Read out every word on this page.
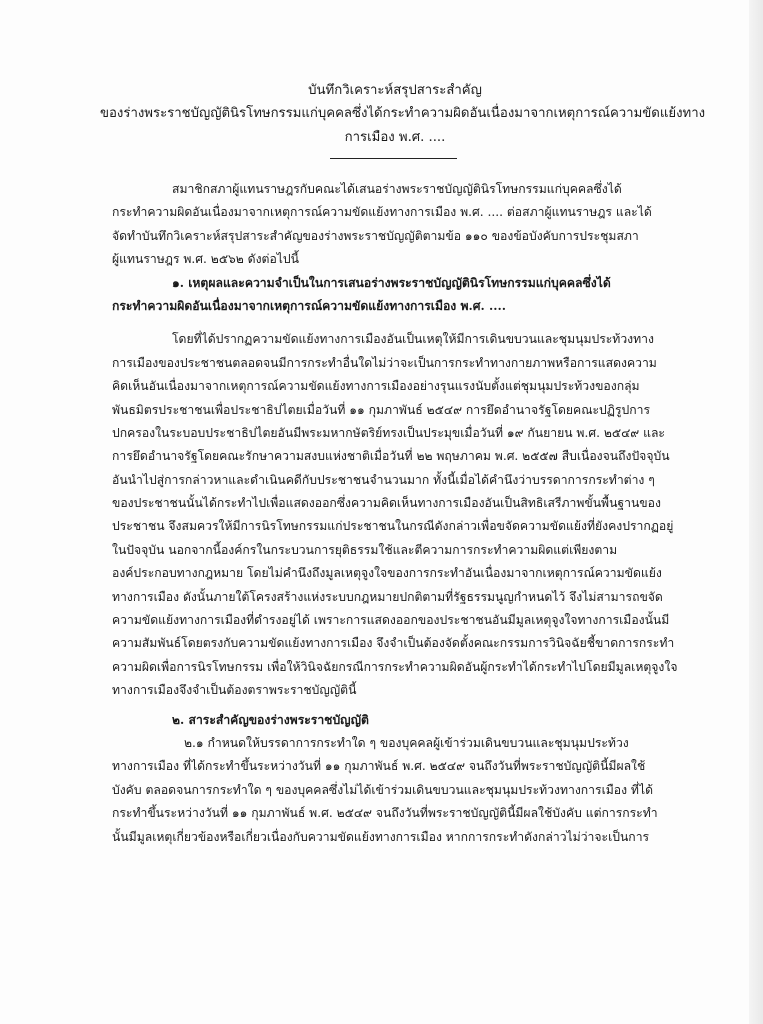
บันทึกวิเคราะห์สรุปสาระสำคัญ
ของร่างพระราชบัญญัตินิรโทษกรรมแก่บุคคลซึ่งได้กระทำความผิดอันเนื่องมาจากเหตุการณ์ความขัดแย้งทาง
การเมือง พ.ศ. ....
สมาชิกสภาผู้แทนราษฎรกับคณะได้เสนอร่างพระราชบัญญัตินิรโทษกรรมแก่บุคคลซึ่งได้
กระทำความผิดอันเนื่องมาจากเหตุการณ์ความขัดแย้งทางการเมือง พ.ศ. .... ต่อสภาผู้แทนราษฎร และได้
จัดทำบันทึกวิเคราะห์สรุปสาระสำคัญของร่างพระราชบัญญัติตามข้อ ๑๑๐ ของข้อบังคับการประชุมสภา
ผู้แทนราษฎร พ.ศ. ๒๕๖๒ ดังต่อไปนี้
๑. เหตุผลและความจำเป็นในการเสนอร่างพระราชบัญญัตินิรโทษกรรมแก่บุคคลซึ่งได้
กระทำความผิดอันเนื่องมาจากเหตุการณ์ความขัดแย้งทางการเมือง พ.ศ. ....
โดยที่ได้ปรากฏความขัดแย้งทางการเมืองอันเป็นเหตุให้มีการเดินขบวนและชุมนุมประท้วงทาง
การเมืองของประชาชนตลอดจนมีการกระทำอื่นใดไม่ว่าจะเป็นการกระทำทางกายภาพหรือการแสดงความ
คิดเห็นอันเนื่องมาจากเหตุการณ์ความขัดแย้งทางการเมืองอย่างรุนแรงนับตั้งแต่ชุมนุมประท้วงของกลุ่ม
พันธมิตรประชาชนเพื่อประชาธิปไตยเมื่อวันที่ ๑๑ กุมภาพันธ์ ๒๕๔๙ การยึดอำนาจรัฐโดยคณะปฏิรูปการ
ปกครองในระบอบประชาธิปไตยอันมีพระมหากษัตริย์ทรงเป็นประมุขเมื่อวันที่ ๑๙ กันยายน พ.ศ. ๒๕๔๙ และ
การยึดอำนาจรัฐโดยคณะรักษาความสงบแห่งชาติเมื่อวันที่ ๒๒ พฤษภาคม พ.ศ. ๒๕๕๗ สืบเนื่องจนถึงปัจจุบัน
อันนำไปสู่การกล่าวหาและดำเนินคดีกับประชาชนจำนวนมาก ทั้งนี้เมื่อได้คำนึงว่าบรรดาการกระทำต่าง ๆ
ของประชาชนนั้นได้กระทำไปเพื่อแสดงออกซึ่งความคิดเห็นทางการเมืองอันเป็นสิทธิเสรีภาพขั้นพื้นฐานของ
ประชาชน จึงสมควรให้มีการนิรโทษกรรมแก่ประชาชนในกรณีดังกล่าวเพื่อขจัดความขัดแย้งที่ยังคงปรากฏอยู่
ในปัจจุบัน นอกจากนี้องค์กรในกระบวนการยุติธรรมใช้และตีความการกระทำความผิดแต่เพียงตาม
องค์ประกอบทางกฎหมาย โดยไม่คำนึงถึงมูลเหตุจูงใจของการกระทำอันเนื่องมาจากเหตุการณ์ความขัดแย้ง
ทางการเมือง ดังนั้นภายใต้โครงสร้างแห่งระบบกฎหมายปกติตามที่รัฐธรรมนูญกำหนดไว้ จึงไม่สามารถขจัด
ความขัดแย้งทางการเมืองที่ดำรงอยู่ได้ เพราะการแสดงออกของประชาชนอันมีมูลเหตุจูงใจทางการเมืองนั้นมี
ความสัมพันธ์โดยตรงกับความขัดแย้งทางการเมือง จึงจำเป็นต้องจัดตั้งคณะกรรมการวินิจฉัยชี้ขาดการกระทำ
ความผิดเพื่อการนิรโทษกรรม เพื่อให้วินิจฉัยกรณีการกระทำความผิดอันผู้กระทำได้กระทำไปโดยมีมูลเหตุจูงใจ
ทางการเมืองจึงจำเป็นต้องตราพระราชบัญญัตินี้
๒. สาระสำคัญของร่างพระราชบัญญัติ
๒.๑ กำหนดให้บรรดาการกระทำใด ๆ ของบุคคลผู้เข้าร่วมเดินขบวนและชุมนุมประท้วง
ทางการเมือง ที่ได้กระทำขึ้นระหว่างวันที่ ๑๑ กุมภาพันธ์ พ.ศ. ๒๕๔๙ จนถึงวันที่พระราชบัญญัตินี้มีผลใช้
บังคับ ตลอดจนการกระทำใด ๆ ของบุคคลซึ่งไม่ได้เข้าร่วมเดินขบวนและชุมนุมประท้วงทางการเมือง ที่ได้
กระทำขึ้นระหว่างวันที่ ๑๑ กุมภาพันธ์ พ.ศ. ๒๕๔๙ จนถึงวันที่พระราชบัญญัตินี้มีผลใช้บังคับ แต่การกระทำ
นั้นมีมูลเหตุเกี่ยวข้องหรือเกี่ยวเนื่องกับความขัดแย้งทางการเมือง หากการกระทำดังกล่าวไม่ว่าจะเป็นการ
